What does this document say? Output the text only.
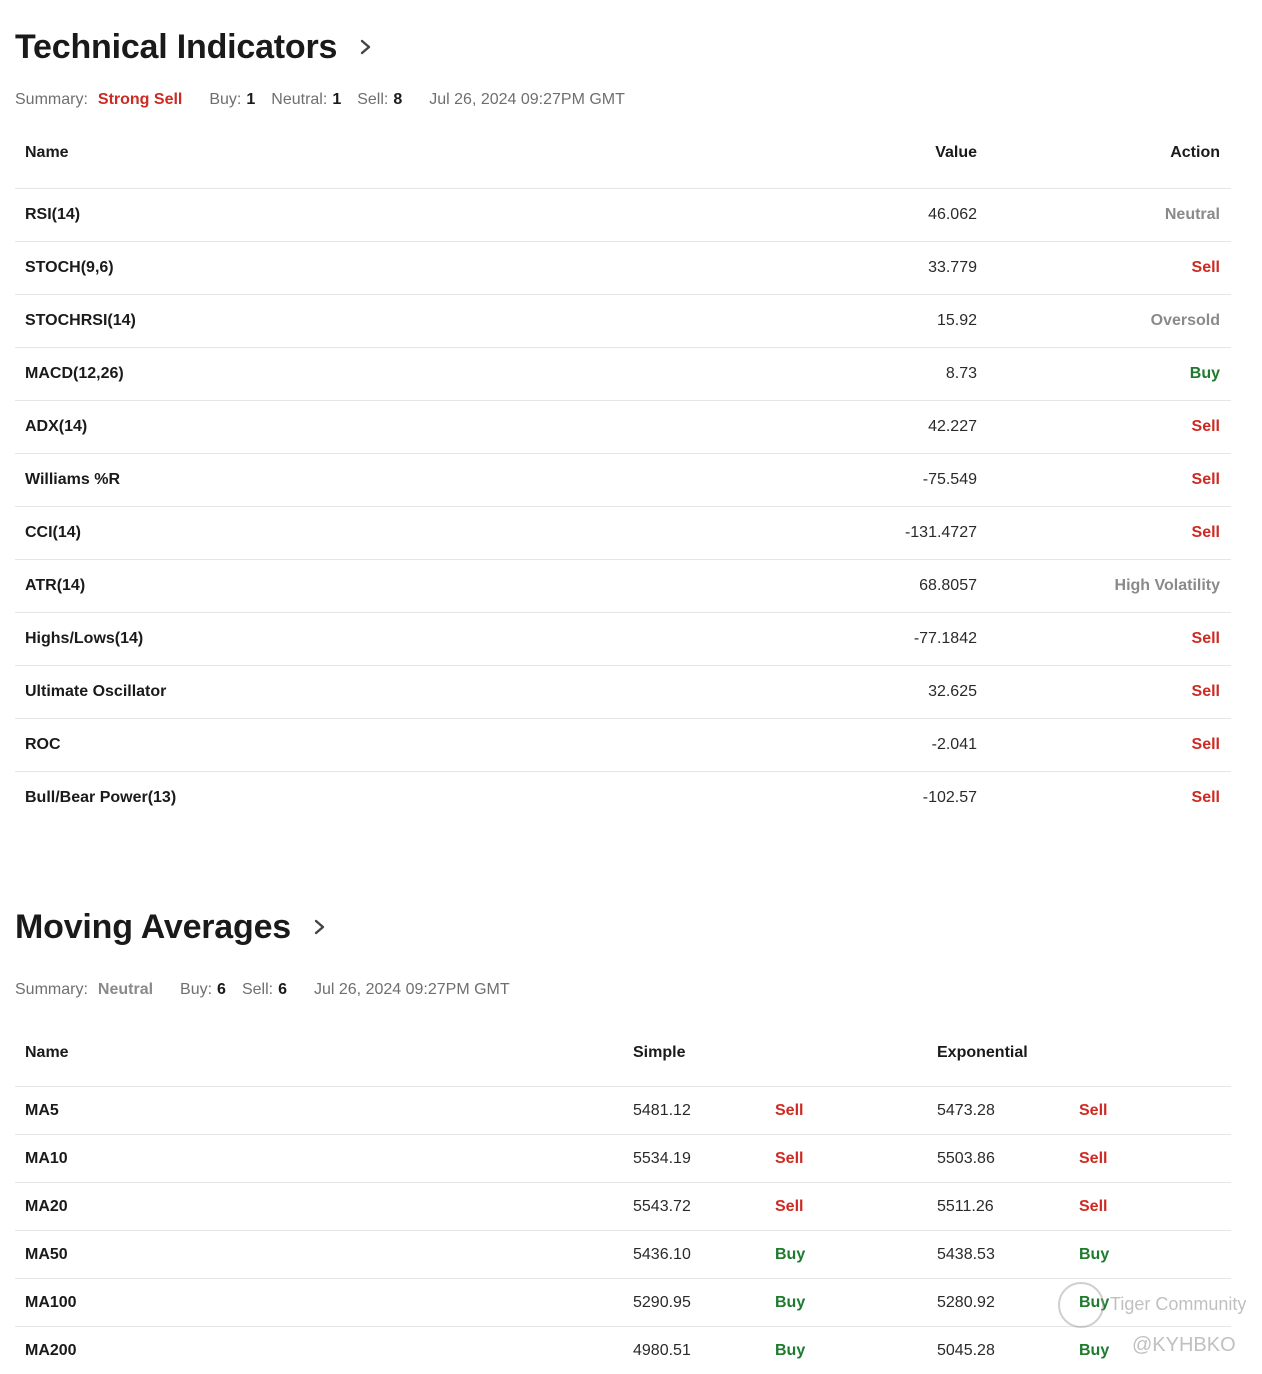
Technical Indicators
Summary: Strong Sell Buy: 1 Neutral: 1 Sell: 8 Jul 26, 2024 09:27PM GMT
Name	Value	Action
RSI(14)	46.062	Neutral
STOCH(9,6)	33.779	Sell
STOCHRSI(14)	15.92	Oversold
MACD(12,26)	8.73	Buy
ADX(14)	42.227	Sell
Williams %R	-75.549	Sell
CCI(14)	-131.4727	Sell
ATR(14)	68.8057	High Volatility
Highs/Lows(14)	-77.1842	Sell
Ultimate Oscillator	32.625	Sell
ROC	-2.041	Sell
Bull/Bear Power(13)	-102.57	Sell
Moving Averages
Summary: Neutral Buy: 6 Sell: 6 Jul 26, 2024 09:27PM GMT
Name	Simple	Exponential
MA5	5481.12	Sell	5473.28	Sell
MA10	5534.19	Sell	5503.86	Sell
MA20	5543.72	Sell	5511.26	Sell
MA50	5436.10	Buy	5438.53	Buy
MA100	5290.95	Buy	5280.92	Buy
MA200	4980.51	Buy	5045.28	Buy
Tiger Community
@KYHBKO
